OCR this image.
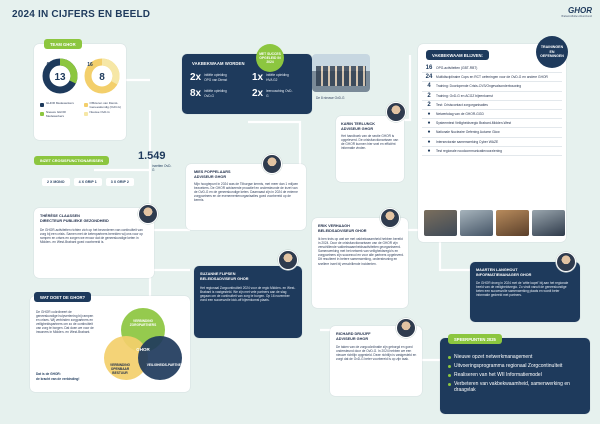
2024 IN CIJFERS EN BEELD	GHOR
Brabant-Midden-West-Noord
TEAM GHOR
13
6
8
16
GHOR Medewerkers
Nieuwe GHOR Medewerkers
Officieren van Dienst-Geneeskundig (OvD-G)
Nieuwe OvD-G
INZET CROSISFUNCTIONARISSEN	1.549
inzetten OvD-G
2 X MONO	4 X GRIP 1	3 X GRIP 2
VAKBEKWAAM WORDEN
2x initiële opleiding OPG van Dienst	1x initiële opleiding HVA G2
8x initiële opleiding OvD-G	2x leercoaching OvD-G
MET SUCCES OPGELEID IN 2024
De 8 nieuwe OvD-G
VAKBEKWAAM BLIJVEN:
16	OPG-activiteiten (GBT-RBT)
24	Multidisciplinaire Cops en RCT oefeningen voor de OvD-G en andere GHOR
4	Training: Doorlopende Crisis-CVS/Ongevalsonderbouwing
2	Training: OvD-G en ACGZ bijeenkomst
2	Test: Crisiscontact zorgorganisaties
●	Netwerkdag van de GHOR-GGD
●	Systeemtest Veiligheidsregio Brabant-Midden-West
●	Nationale Nucleaire Oefening Autumn Glow
●	Intersectorale samenwerking Cyber WAZE
●	Test regionale noodcommunicatievoorziening
TRAININGEN EN OEFENINGEN
KARIN TERLUNCK
ADVISEUR GHOR
Het handboek van de sectie GHOR is opgeleverd. De crisisfunctionarissen van de GHOR kunnen hier snel en efficiënt informatie vinden.
MIES POPPELAARS
ADVISEUR GHOR
Mijn hoogtepunt in 2024 was de Tilburgse kermis, met meer dan 1 miljoen bezoekers. De GHOR adviseerde proactief en ondersteunde de inzet van de OvD-G en de geneeskundige keten. Daarnaast zijn in 2024 de externe zorgpartners en de evenementenorganisaties goed voorbereid op de kermis.
THÉRÈSE CLAASSEN
DIRECTEUR PUBLIEKE GEZONDHEID
De GHOR-activiteiten richten zich op het bevorderen van continuïteit van zorg bij een crisis. Samen met de ketenpartners bereiden wij ons voor op rampen en crises en zorgen we ervoor dat de geneeskundige keten in Midden- en West-Brabant goed voorbereid is.
ERIK VERHAAGH
BELEIDSADVISEUR GHOR
Ik ben trots op wat we met vakbekwaamheid hebben bereikt in 2024. Door de crisisfunctionarissen van de GHOR zijn verschillende vakbekwaamheidsactiviteiten georganiseerd. Samenwerking met het netwerk van veiligheidsregio's en zorgpartners zijn succesvol en voor alle partners opgeleverd. Dit resulteert in betere samenwerking, ondersteuning en snellere inzet bij verschillende incidenten.
SUZANNE FLIPSEN
BELEIDSADVISEUR GHOR
Het regionaal Zorgcontinuïteit 2024 voor de regio Midden- en West-Brabant is vastgesteld. We zijn met vele partners aan de slag gegaan om de continuïteit van zorg te borgen. Op 16 november vond een succesvolle kick-off bijeenkomst plaats.
MAARTEN LANGHOUT
INFORMATIEMANAGER GHOR
De GHOR droeg in 2024 met de 'witte kapel' bij aan het regionale beeld van de veiligheidsregio. Zo vindt vanuit de geneeskundige keten een succesvolle samenwerking plaats en wordt beter informatie gedeeld met partners.
RICHARD DRUIJFF
ADVISEUR GHOR
De taken van de zorgcoördinatie zijn geborgd en goed ondersteund door de OvD-G. In 2024 hebben we een nieuwe richtlijn opgesteld. Deze richtlijn is vastgesteld en zorgt dat de OvD-G beter voorbereid is op zijn taak.
WAT DOET DE GHOR?
De GHOR coördineert de geneeskundige hulpverlening bij rampen en crises. Wij verbinden zorgpartners en veiligheidspartners om zo de continuïteit van zorg te borgen. Dat doen we voor de inwoners in Midden- en West-Brabant.
Dat is de GHOR:
de kracht van de verbinding!
VERBINDING
ZORGPARTNERS
VERBINDING
OPENBAAR
BESTUUR
VEILIGHEIDS-PARTNERS
GHOR
SPEERPUNTEN 2025
Nieuwe opzet netwerkmanagement
Uitvoeringsprogramma regionaal Zorgcontinuïteit
Realiseren van het WII Informatiemodel
Verbeteren van vakbekwaamheid, samenwerking en draagvlak
